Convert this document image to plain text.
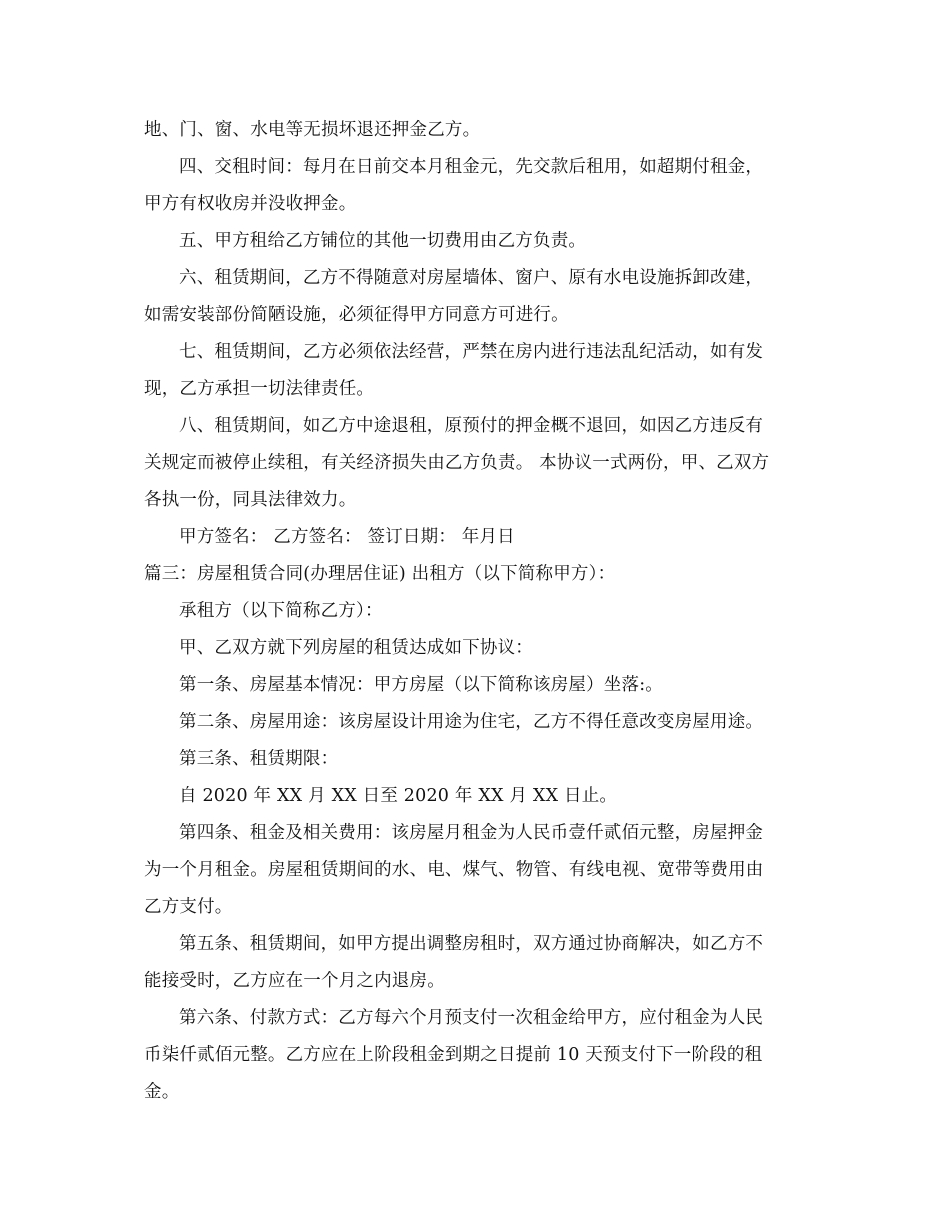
地、门、窗、水电等无损坏退还押金乙方。
四、交租时间：每月在日前交本月租金元，先交款后租用，如超期付租金，
甲方有权收房并没收押金。
五、甲方租给乙方铺位的其他一切费用由乙方负责。
六、租赁期间，乙方不得随意对房屋墙体、窗户、原有水电设施拆卸改建，
如需安装部份简陋设施，必须征得甲方同意方可进行。
七、租赁期间，乙方必须依法经营，严禁在房内进行违法乱纪活动，如有发
现，乙方承担一切法律责任。
八、租赁期间，如乙方中途退租，原预付的押金概不退回，如因乙方违反有
关规定而被停止续租，有关经济损失由乙方负责。 本协议一式两份，甲、乙双方
各执一份，同具法律效力。
甲方签名： 乙方签名： 签订日期： 年月日
篇三：房屋租赁合同(办理居住证) 出租方（以下简称甲方）：
承租方（以下简称乙方）：
甲、乙双方就下列房屋的租赁达成如下协议：
第一条、房屋基本情况：甲方房屋（以下简称该房屋）坐落:。
第二条、房屋用途：该房屋设计用途为住宅，乙方不得任意改变房屋用途。
第三条、租赁期限：
自 2020 年 XX 月 XX 日至 2020 年 XX 月 XX 日止。
第四条、租金及相关费用：该房屋月租金为人民币壹仟贰佰元整，房屋押金
为一个月租金。房屋租赁期间的水、电、煤气、物管、有线电视、宽带等费用由
乙方支付。
第五条、租赁期间，如甲方提出调整房租时，双方通过协商解决，如乙方不
能接受时，乙方应在一个月之内退房。
第六条、付款方式：乙方每六个月预支付一次租金给甲方，应付租金为人民
币柒仟贰佰元整。乙方应在上阶段租金到期之日提前 10 天预支付下一阶段的租
金。
